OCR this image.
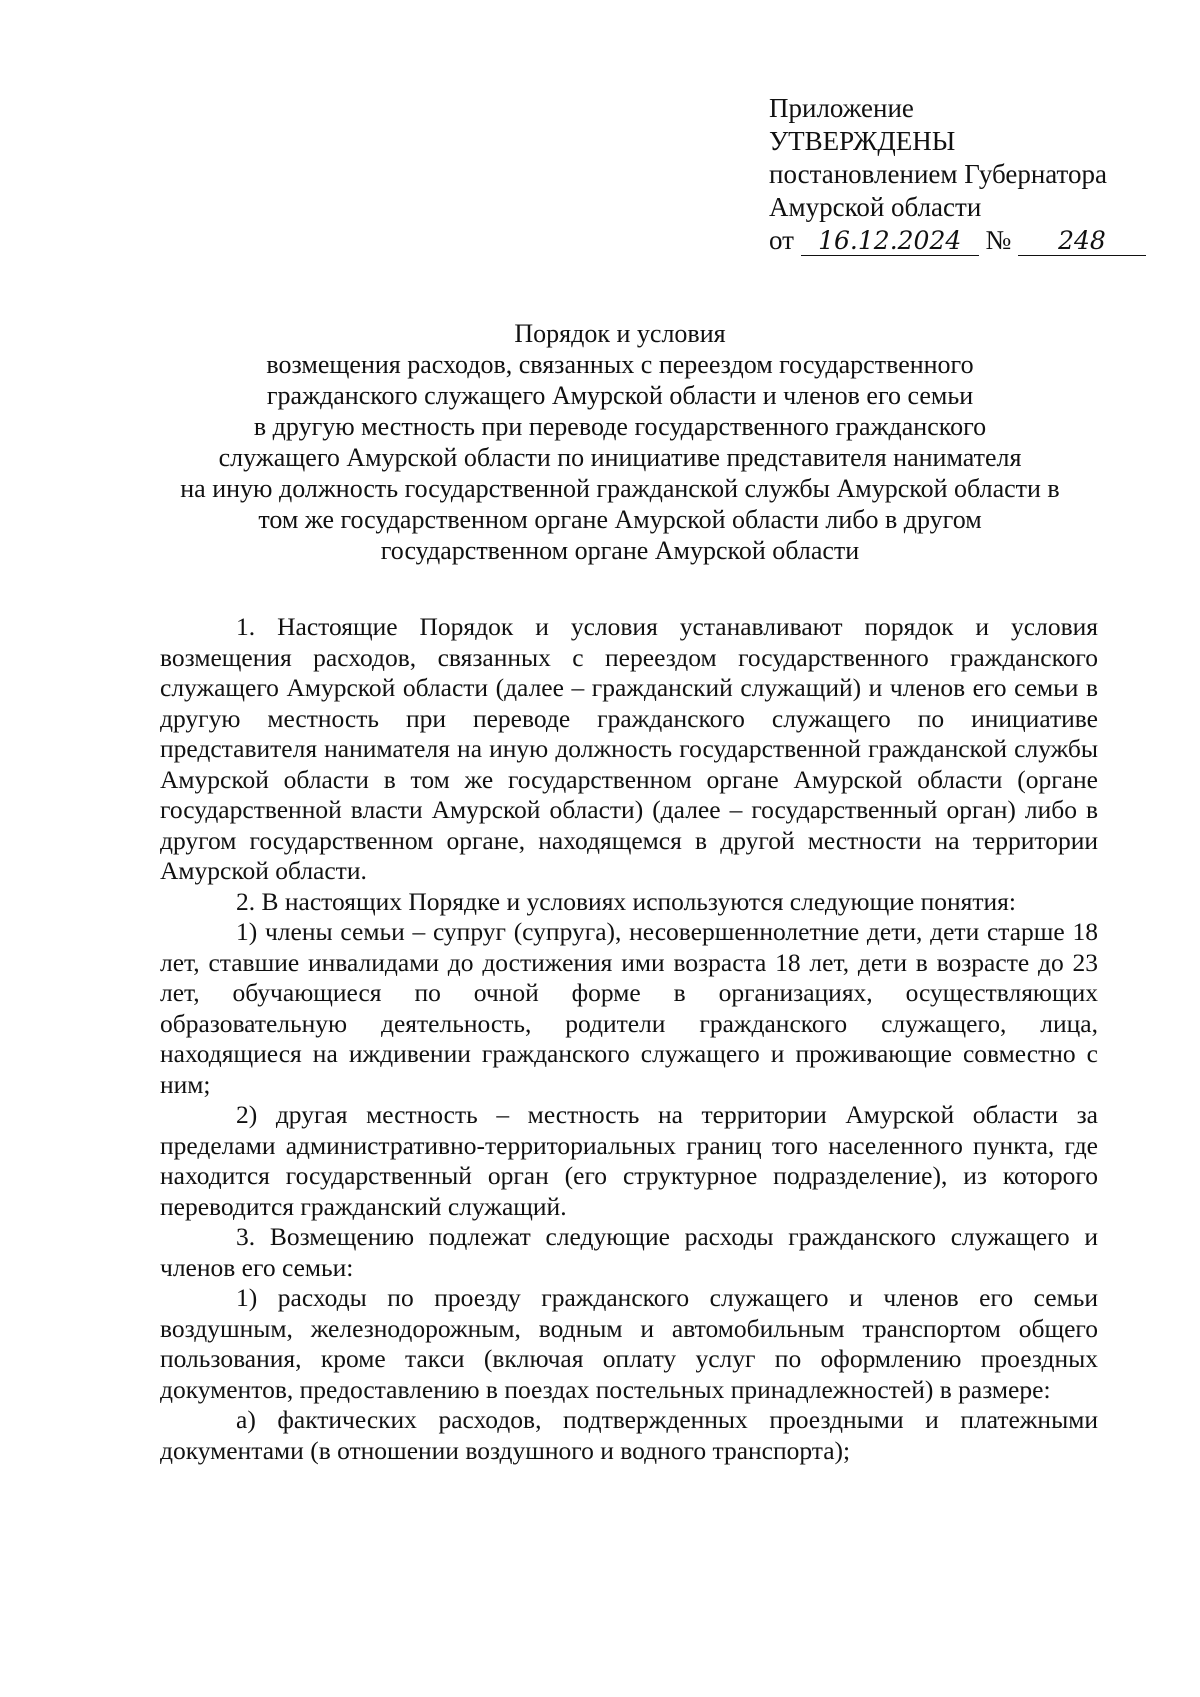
Приложение
УТВЕРЖДЕНЫ
постановлением Губернатора
Амурской области
от 16.12.2024 № 248
Порядок и условия
возмещения расходов, связанных с переездом государственного
гражданского служащего Амурской области и членов его семьи
в другую местность при переводе государственного гражданского
служащего Амурской области по инициативе представителя нанимателя
на иную должность государственной гражданской службы Амурской области в
том же государственном органе Амурской области либо в другом
государственном органе Амурской области

1. Настоящие Порядок и условия устанавливают порядок и условия возмещения расходов, связанных с переездом государственного гражданского служащего Амурской области (далее – гражданский служащий) и членов его семьи в другую местность при переводе гражданского служащего по инициативе представителя нанимателя на иную должность государственной гражданской службы Амурской области в том же государственном органе Амурской области (органе государственной власти Амурской области) (далее – государственный орган) либо в другом государственном органе, находящемся в другой местности на территории Амурской области.

2. В настоящих Порядке и условиях используются следующие понятия:

1) члены семьи – супруг (супруга), несовершеннолетние дети, дети старше 18 лет, ставшие инвалидами до достижения ими возраста 18 лет, дети в возрасте до 23 лет, обучающиеся по очной форме в организациях, осуществляющих образовательную деятельность, родители гражданского служащего, лица, находящиеся на иждивении гражданского служащего и проживающие совместно с ним;

2) другая местность – местность на территории Амурской области за пределами административно-территориальных границ того населенного пункта, где находится государственный орган (его структурное подразделение), из которого переводится гражданский служащий.

3. Возмещению подлежат следующие расходы гражданского служащего и членов его семьи:

1) расходы по проезду гражданского служащего и членов его семьи воздушным, железнодорожным, водным и автомобильным транспортом общего пользования, кроме такси (включая оплату услуг по оформлению проездных документов, предоставлению в поездах постельных принадлежностей) в размере:

а) фактических расходов, подтвержденных проездными и платежными документами (в отношении воздушного и водного транспорта);
